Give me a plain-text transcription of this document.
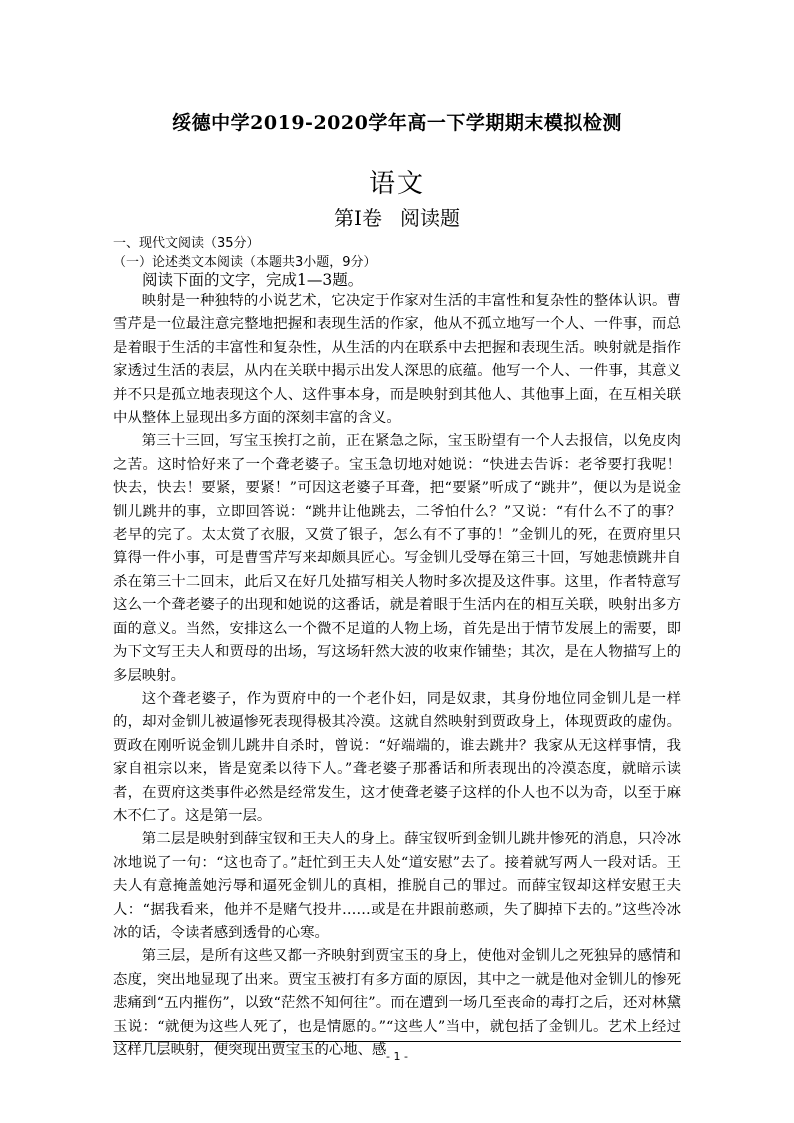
绥德中学2019-2020学年高一下学期期末模拟检测
语文
第Ⅰ卷 阅读题
一、现代文阅读（35分）
（一）论述类文本阅读（本题共3小题，9分）
阅读下面的文字，完成1—3题。

映射是一种独特的小说艺术，它决定于作家对生活的丰富性和复杂性的整体认识。曹雪芹是一位最注意完整地把握和表现生活的作家，他从不孤立地写一个人、一件事，而总是着眼于生活的丰富性和复杂性，从生活的内在联系中去把握和表现生活。映射就是指作家透过生活的表层，从内在关联中揭示出发人深思的底蕴。他写一个人、一件事，其意义并不只是孤立地表现这个人、这件事本身，而是映射到其他人、其他事上面，在互相关联中从整体上显现出多方面的深刻丰富的含义。

第三十三回，写宝玉挨打之前，正在紧急之际，宝玉盼望有一个人去报信，以免皮肉之苦。这时恰好来了一个聋老婆子。宝玉急切地对她说：“快进去告诉：老爷要打我呢！快去，快去！要紧，要紧！”可因这老婆子耳聋，把“要紧”听成了“跳井”，便以为是说金钏儿跳井的事，立即回答说：“跳井让他跳去，二爷怕什么？”又说：“有什么不了的事？老早的完了。太太赏了衣服，又赏了银子，怎么有不了事的！”金钏儿的死，在贾府里只算得一件小事，可是曹雪芹写来却颇具匠心。写金钏儿受辱在第三十回，写她悲愤跳井自杀在第三十二回末，此后又在好几处描写相关人物时多次提及这件事。这里，作者特意写这么一个聋老婆子的出现和她说的这番话，就是着眼于生活内在的相互关联，映射出多方面的意义。当然，安排这么一个微不足道的人物上场，首先是出于情节发展上的需要，即为下文写王夫人和贾母的出场，写这场轩然大波的收束作铺垫；其次，是在人物描写上的多层映射。

这个聋老婆子，作为贾府中的一个老仆妇，同是奴隶，其身份地位同金钏儿是一样的，却对金钏儿被逼惨死表现得极其冷漠。这就自然映射到贾政身上，体现贾政的虚伪。贾政在刚听说金钏儿跳井自杀时，曾说：“好端端的，谁去跳井？我家从无这样事情，我家自祖宗以来，皆是宽柔以待下人。”聋老婆子那番话和所表现出的冷漠态度，就暗示读者，在贾府这类事件必然是经常发生，这才使聋老婆子这样的仆人也不以为奇，以至于麻木不仁了。这是第一层。

第二层是映射到薛宝钗和王夫人的身上。薛宝钗听到金钏儿跳井惨死的消息，只冷冰冰地说了一句：“这也奇了。”赶忙到王夫人处“道安慰”去了。接着就写两人一段对话。王夫人有意掩盖她污辱和逼死金钏儿的真相，推脱自己的罪过。而薛宝钗却这样安慰王夫人：“据我看来，他并不是赌气投井……或是在井跟前憨顽，失了脚掉下去的。”这些冷冰冰的话，令读者感到透骨的心寒。

第三层，是所有这些又都一齐映射到贾宝玉的身上，使他对金钏儿之死独异的感情和态度，突出地显现了出来。贾宝玉被打有多方面的原因，其中之一就是他对金钏儿的惨死悲痛到“五内摧伤”，以致“茫然不知何往”。而在遭到一场几至丧命的毒打之后，还对林黛玉说：“就便为这些人死了，也是情愿的。”“这些人”当中，就包括了金钏儿。艺术上经过这样几层映射，便突现出贾宝玉的心地、感 - 1 -
